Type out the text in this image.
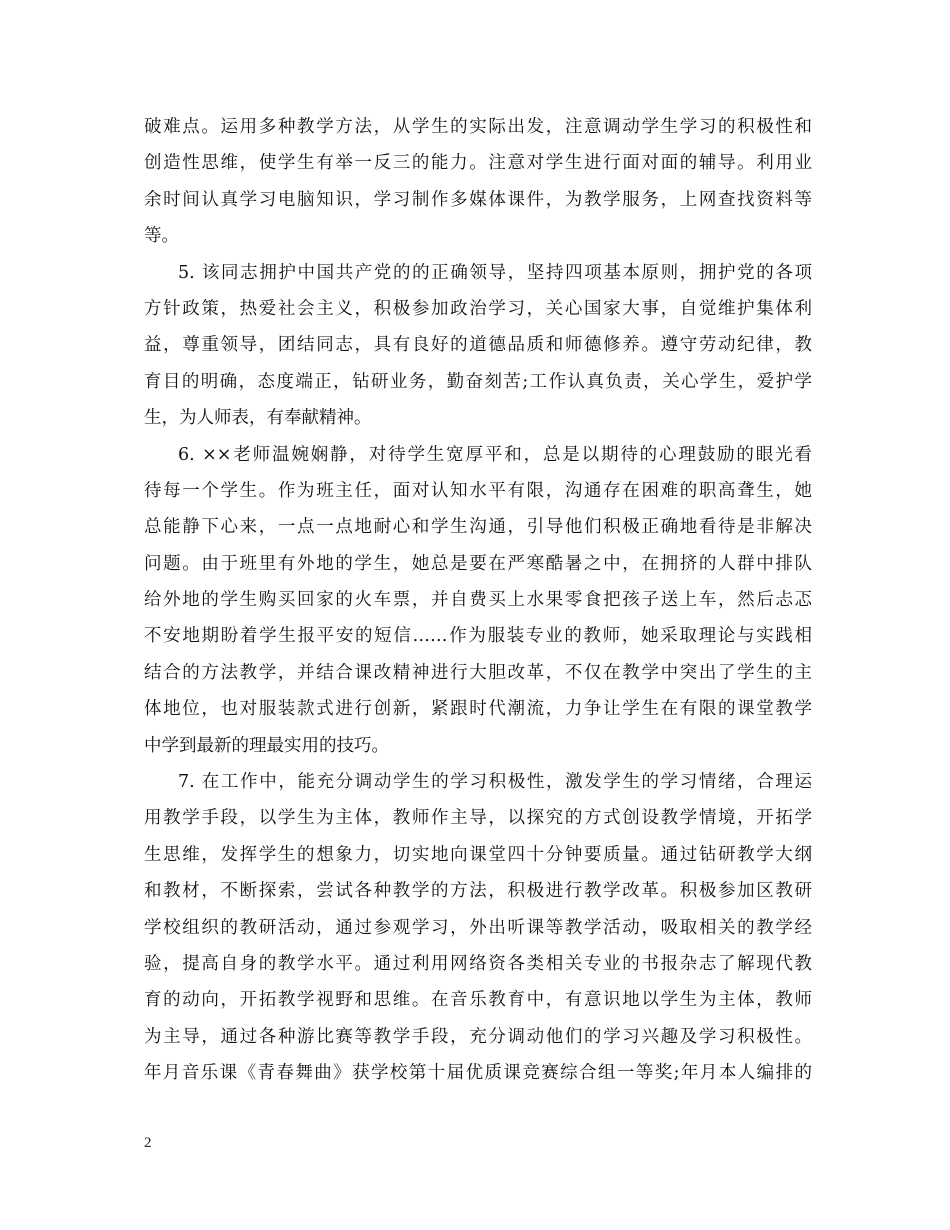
破难点。运用多种教学方法，从学生的实际出发，注意调动学生学习的积极性和
创造性思维，使学生有举一反三的能力。注意对学生进行面对面的辅导。利用业
余时间认真学习电脑知识，学习制作多媒体课件，为教学服务，上网查找资料等
等。
5. 该同志拥护中国共产党的的正确领导，坚持四项基本原则，拥护党的各项
方针政策，热爱社会主义，积极参加政治学习，关心国家大事，自觉维护集体利
益，尊重领导，团结同志，具有良好的道德品质和师德修养。遵守劳动纪律，教
育目的明确，态度端正，钻研业务，勤奋刻苦;工作认真负责，关心学生，爱护学
生，为人师表，有奉献精神。
6. ××老师温婉娴静，对待学生宽厚平和，总是以期待的心理鼓励的眼光看
待每一个学生。作为班主任，面对认知水平有限，沟通存在困难的职高聋生，她
总能静下心来，一点一点地耐心和学生沟通，引导他们积极正确地看待是非解决
问题。由于班里有外地的学生，她总是要在严寒酷暑之中，在拥挤的人群中排队
给外地的学生购买回家的火车票，并自费买上水果零食把孩子送上车，然后忐忑
不安地期盼着学生报平安的短信……作为服装专业的教师，她采取理论与实践相
结合的方法教学，并结合课改精神进行大胆改革，不仅在教学中突出了学生的主
体地位，也对服装款式进行创新，紧跟时代潮流，力争让学生在有限的课堂教学
中学到最新的理最实用的技巧。
7. 在工作中，能充分调动学生的学习积极性，激发学生的学习情绪，合理运
用教学手段，以学生为主体，教师作主导，以探究的方式创设教学情境，开拓学
生思维，发挥学生的想象力，切实地向课堂四十分钟要质量。通过钻研教学大纲
和教材，不断探索，尝试各种教学的方法，积极进行教学改革。积极参加区教研
学校组织的教研活动，通过参观学习，外出听课等教学活动，吸取相关的教学经
验，提高自身的教学水平。通过利用网络资各类相关专业的书报杂志了解现代教
育的动向，开拓教学视野和思维。在音乐教育中，有意识地以学生为主体，教师
为主导，通过各种游比赛等教学手段，充分调动他们的学习兴趣及学习积极性。
年月音乐课《青春舞曲》获学校第十届优质课竞赛综合组一等奖;年月本人编排的
2
